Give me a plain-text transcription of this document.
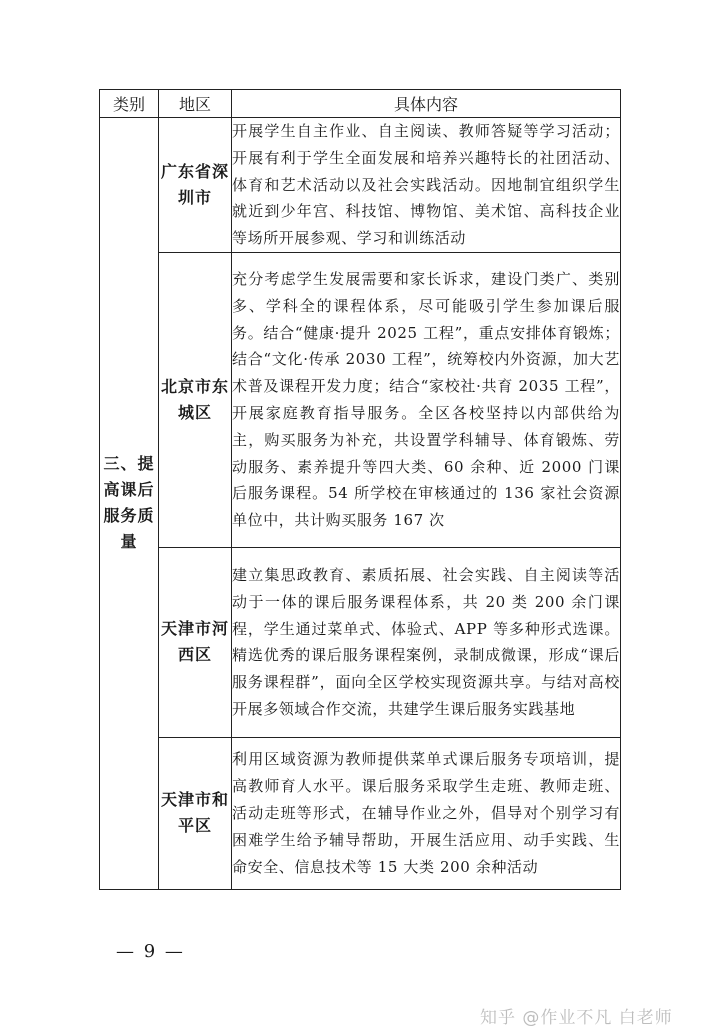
类别	地区	具体内容
三、提高课后服务质量	广东省深圳市	开展学生自主作业、自主阅读、教师答疑等学习活动；开展有利于学生全面发展和培养兴趣特长的社团活动、体育和艺术活动以及社会实践活动。因地制宜组织学生就近到少年宫、科技馆、博物馆、美术馆、高科技企业等场所开展参观、学习和训练活动
	北京市东城区	充分考虑学生发展需要和家长诉求，建设门类广、类别多、学科全的课程体系，尽可能吸引学生参加课后服务。结合“健康·提升 2025 工程”，重点安排体育锻炼；结合“文化·传承 2030 工程”，统筹校内外资源，加大艺术普及课程开发力度；结合“家校社·共育 2035 工程”，开展家庭教育指导服务。全区各校坚持以内部供给为主，购买服务为补充，共设置学科辅导、体育锻炼、劳动服务、素养提升等四大类、60 余种、近 2000 门课后服务课程。54 所学校在审核通过的 136 家社会资源单位中，共计购买服务 167 次
	天津市河西区	建立集思政教育、素质拓展、社会实践、自主阅读等活动于一体的课后服务课程体系，共 20 类 200 余门课程，学生通过菜单式、体验式、APP 等多种形式选课。精选优秀的课后服务课程案例，录制成微课，形成“课后服务课程群”，面向全区学校实现资源共享。与结对高校开展多领域合作交流，共建学生课后服务实践基地
	天津市和平区	利用区域资源为教师提供菜单式课后服务专项培训，提高教师育人水平。课后服务采取学生走班、教师走班、活动走班等形式，在辅导作业之外，倡导对个别学习有困难学生给予辅导帮助，开展生活应用、动手实践、生命安全、信息技术等 15 大类 200 余种活动
— 9 —
知乎 @作业不凡 白老师
